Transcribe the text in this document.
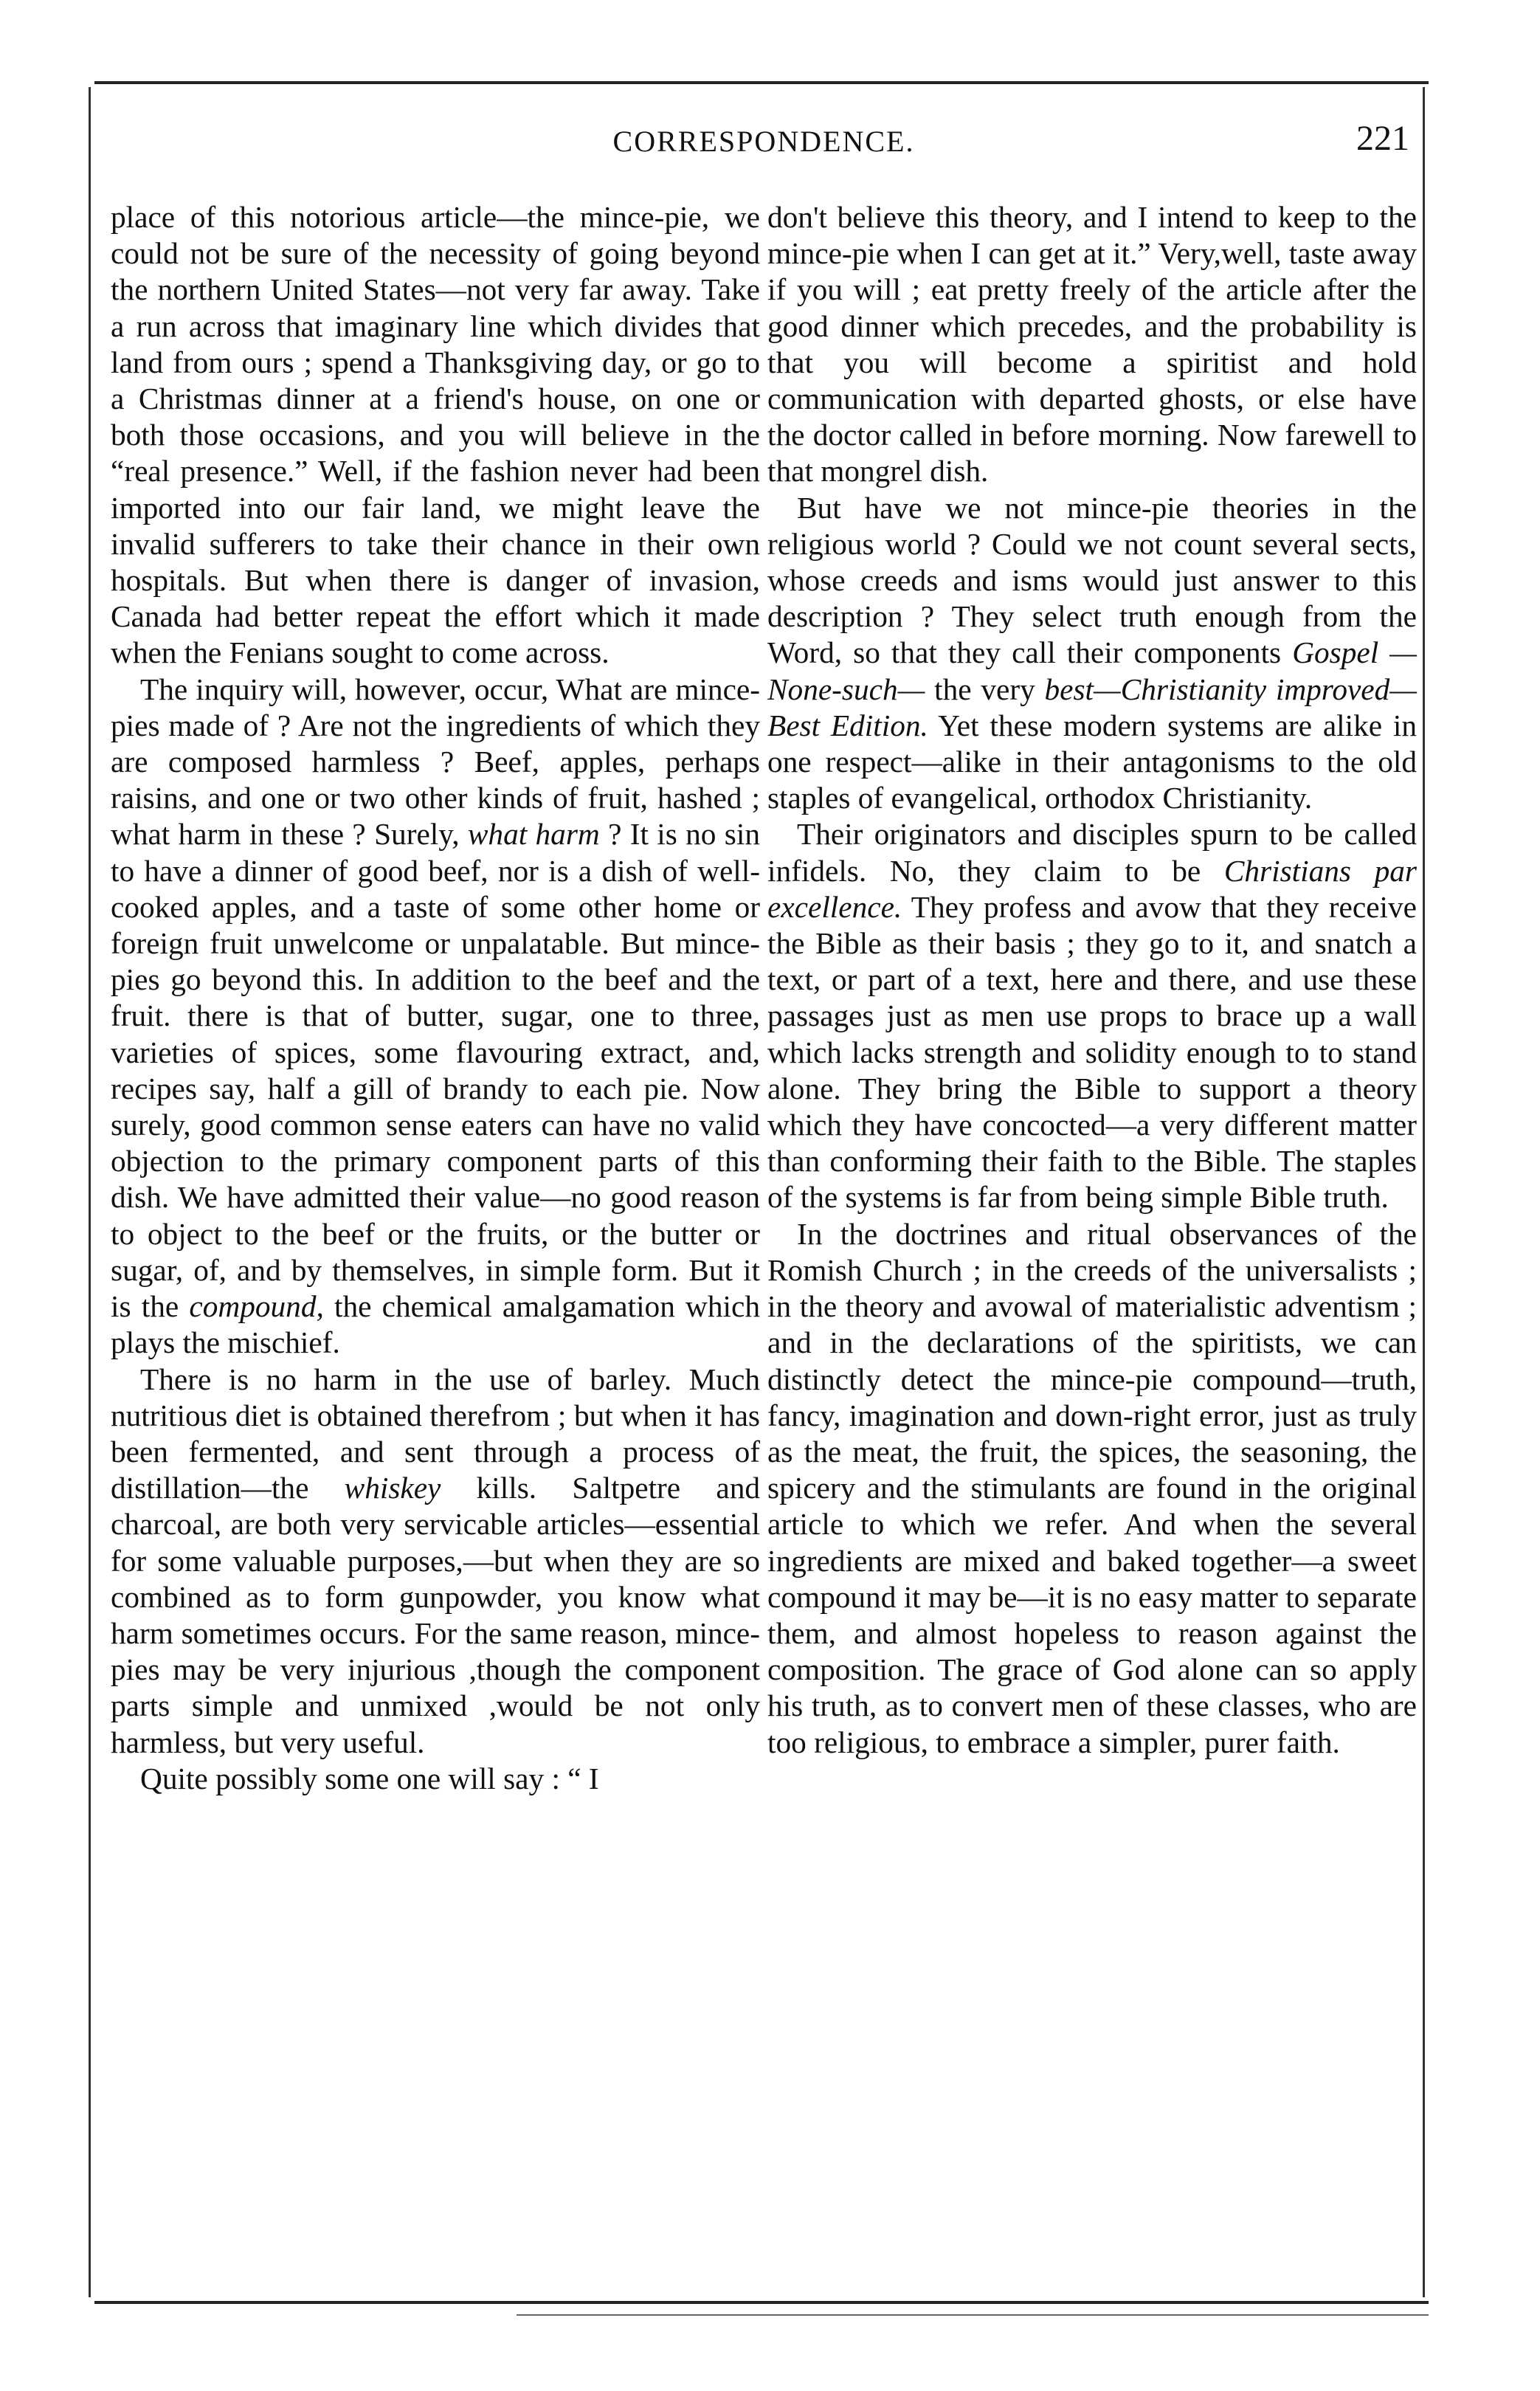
CORRESPONDENCE.	221

place of this notorious article—the mince-pie, we could not be sure of the necessity of going beyond the northern United States—not very far away. Take a run across that imaginary line which divides that land from ours ; spend a Thanksgiving day, or go to a Christmas dinner at a friend's house, on one or both those occasions, and you will believe in the “real presence.” Well, if the fashion never had been imported into our fair land, we might leave the invalid sufferers to take their chance in their own hospitals. But when there is danger of invasion, Canada had better repeat the effort which it made when the Fenians sought to come across.

The inquiry will, however, occur, What are mince-pies made of ? Are not the ingredients of which they are composed harmless ? Beef, apples, perhaps raisins, and one or two other kinds of fruit, hashed ; what harm in these ? Surely, what harm ? It is no sin to have a dinner of good beef, nor is a dish of well-cooked apples, and a taste of some other home or foreign fruit unwelcome or unpalatable. But mince-pies go beyond this. In addition to the beef and the fruit. there is that of butter, sugar, one to three, varieties of spices, some flavouring extract, and, recipes say, half a gill of brandy to each pie. Now surely, good common sense eaters can have no valid objection to the primary component parts of this dish. We have admitted their value—no good reason to object to the beef or the fruits, or the butter or sugar, of, and by themselves, in simple form. But it is the compound, the chemical amalgamation which plays the mischief.

There is no harm in the use of barley. Much nutritious diet is obtained therefrom ; but when it has been fermented, and sent through a process of distillation—the whiskey kills. Saltpetre and charcoal, are both very servicable articles—essential for some valuable purposes,—but when they are so combined as to form gunpowder, you know what harm sometimes occurs. For the same reason, mince-pies may be very injurious ,though the component parts simple and unmixed ,would be not only harmless, but very useful.

Quite possibly some one will say : “ I

don't believe this theory, and I intend to keep to the mince-pie when I can get at it.” Very,well, taste away if you will ; eat pretty freely of the article after the good dinner which precedes, and the probability is that you will become a spiritist and hold communication with departed ghosts, or else have the doctor called in before morning. Now farewell to that mongrel dish.

But have we not mince-pie theories in the religious world ? Could we not count several sects, whose creeds and isms would just answer to this description ? They select truth enough from the Word, so that they call their components Gospel — None-such— the very best—Christianity improved—Best Edition. Yet these modern systems are alike in one respect—alike in their antagonisms to the old staples of evangelical, orthodox Christianity.

Their originators and disciples spurn to be called infidels. No, they claim to be Christians par excellence. They profess and avow that they receive the Bible as their basis ; they go to it, and snatch a text, or part of a text, here and there, and use these passages just as men use props to brace up a wall which lacks strength and solidity enough to to stand alone. They bring the Bible to support a theory which they have concocted—a very different matter than conforming their faith to the Bible. The staples of the systems is far from being simple Bible truth.

In the doctrines and ritual observances of the Romish Church ; in the creeds of the universalists ; in the theory and avowal of materialistic adventism ; and in the declarations of the spiritists, we can distinctly detect the mince-pie compound—truth, fancy, imagination and down-right error, just as truly as the meat, the fruit, the spices, the seasoning, the spicery and the stimulants are found in the original article to which we refer. And when the several ingredients are mixed and baked together—a sweet compound it may be—it is no easy matter to separate them, and almost hopeless to reason against the composition. The grace of God alone can so apply his truth, as to convert men of these classes, who are too religious, to embrace a simpler, purer faith.
